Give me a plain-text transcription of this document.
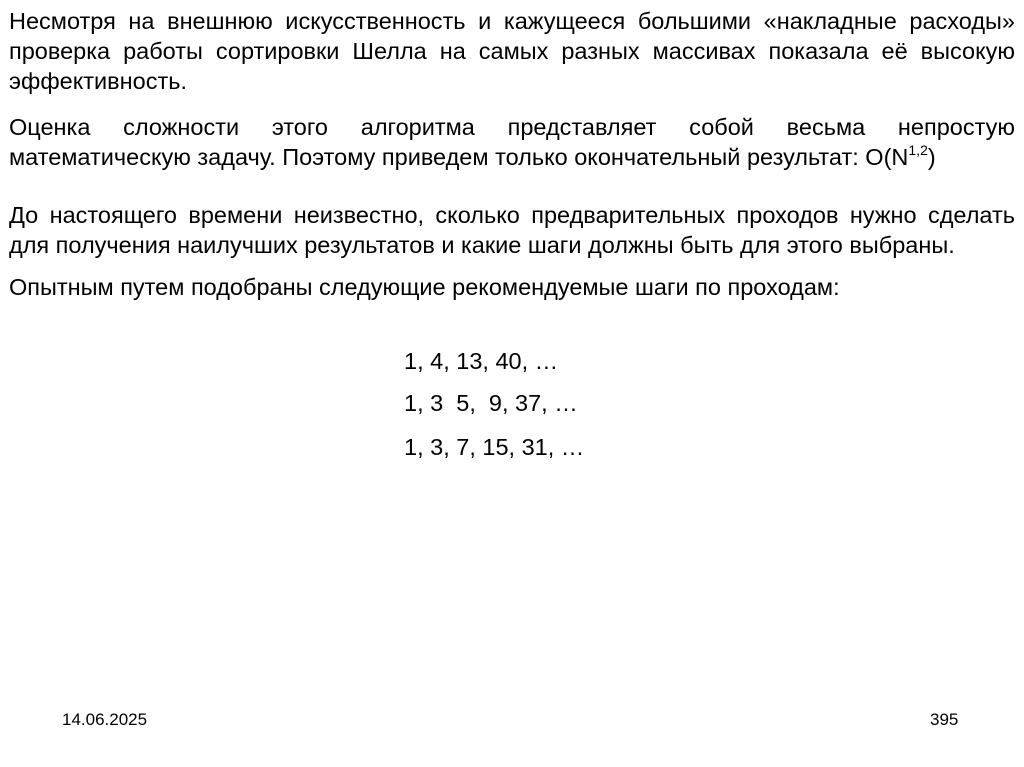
Несмотря на внешнюю искусственность и кажущееся большими «накладные расходы» проверка работы сортировки Шелла на самых разных массивах показала её высокую эффективность.

Оценка сложности этого алгоритма представляет собой весьма непростую математическую задачу. Поэтому приведем только окончательный результат: $O(N^{1,2})$

До настоящего времени неизвестно, сколько предварительных проходов нужно сделать для получения наилучших результатов и какие шаги должны быть для этого выбраны.

Опытным путем подобраны следующие рекомендуемые шаги по проходам:

1, 4, 13, 40, …
1, 3  5,  9, 37, …
1, 3, 7, 15, 31, …
14.06.2025	395
